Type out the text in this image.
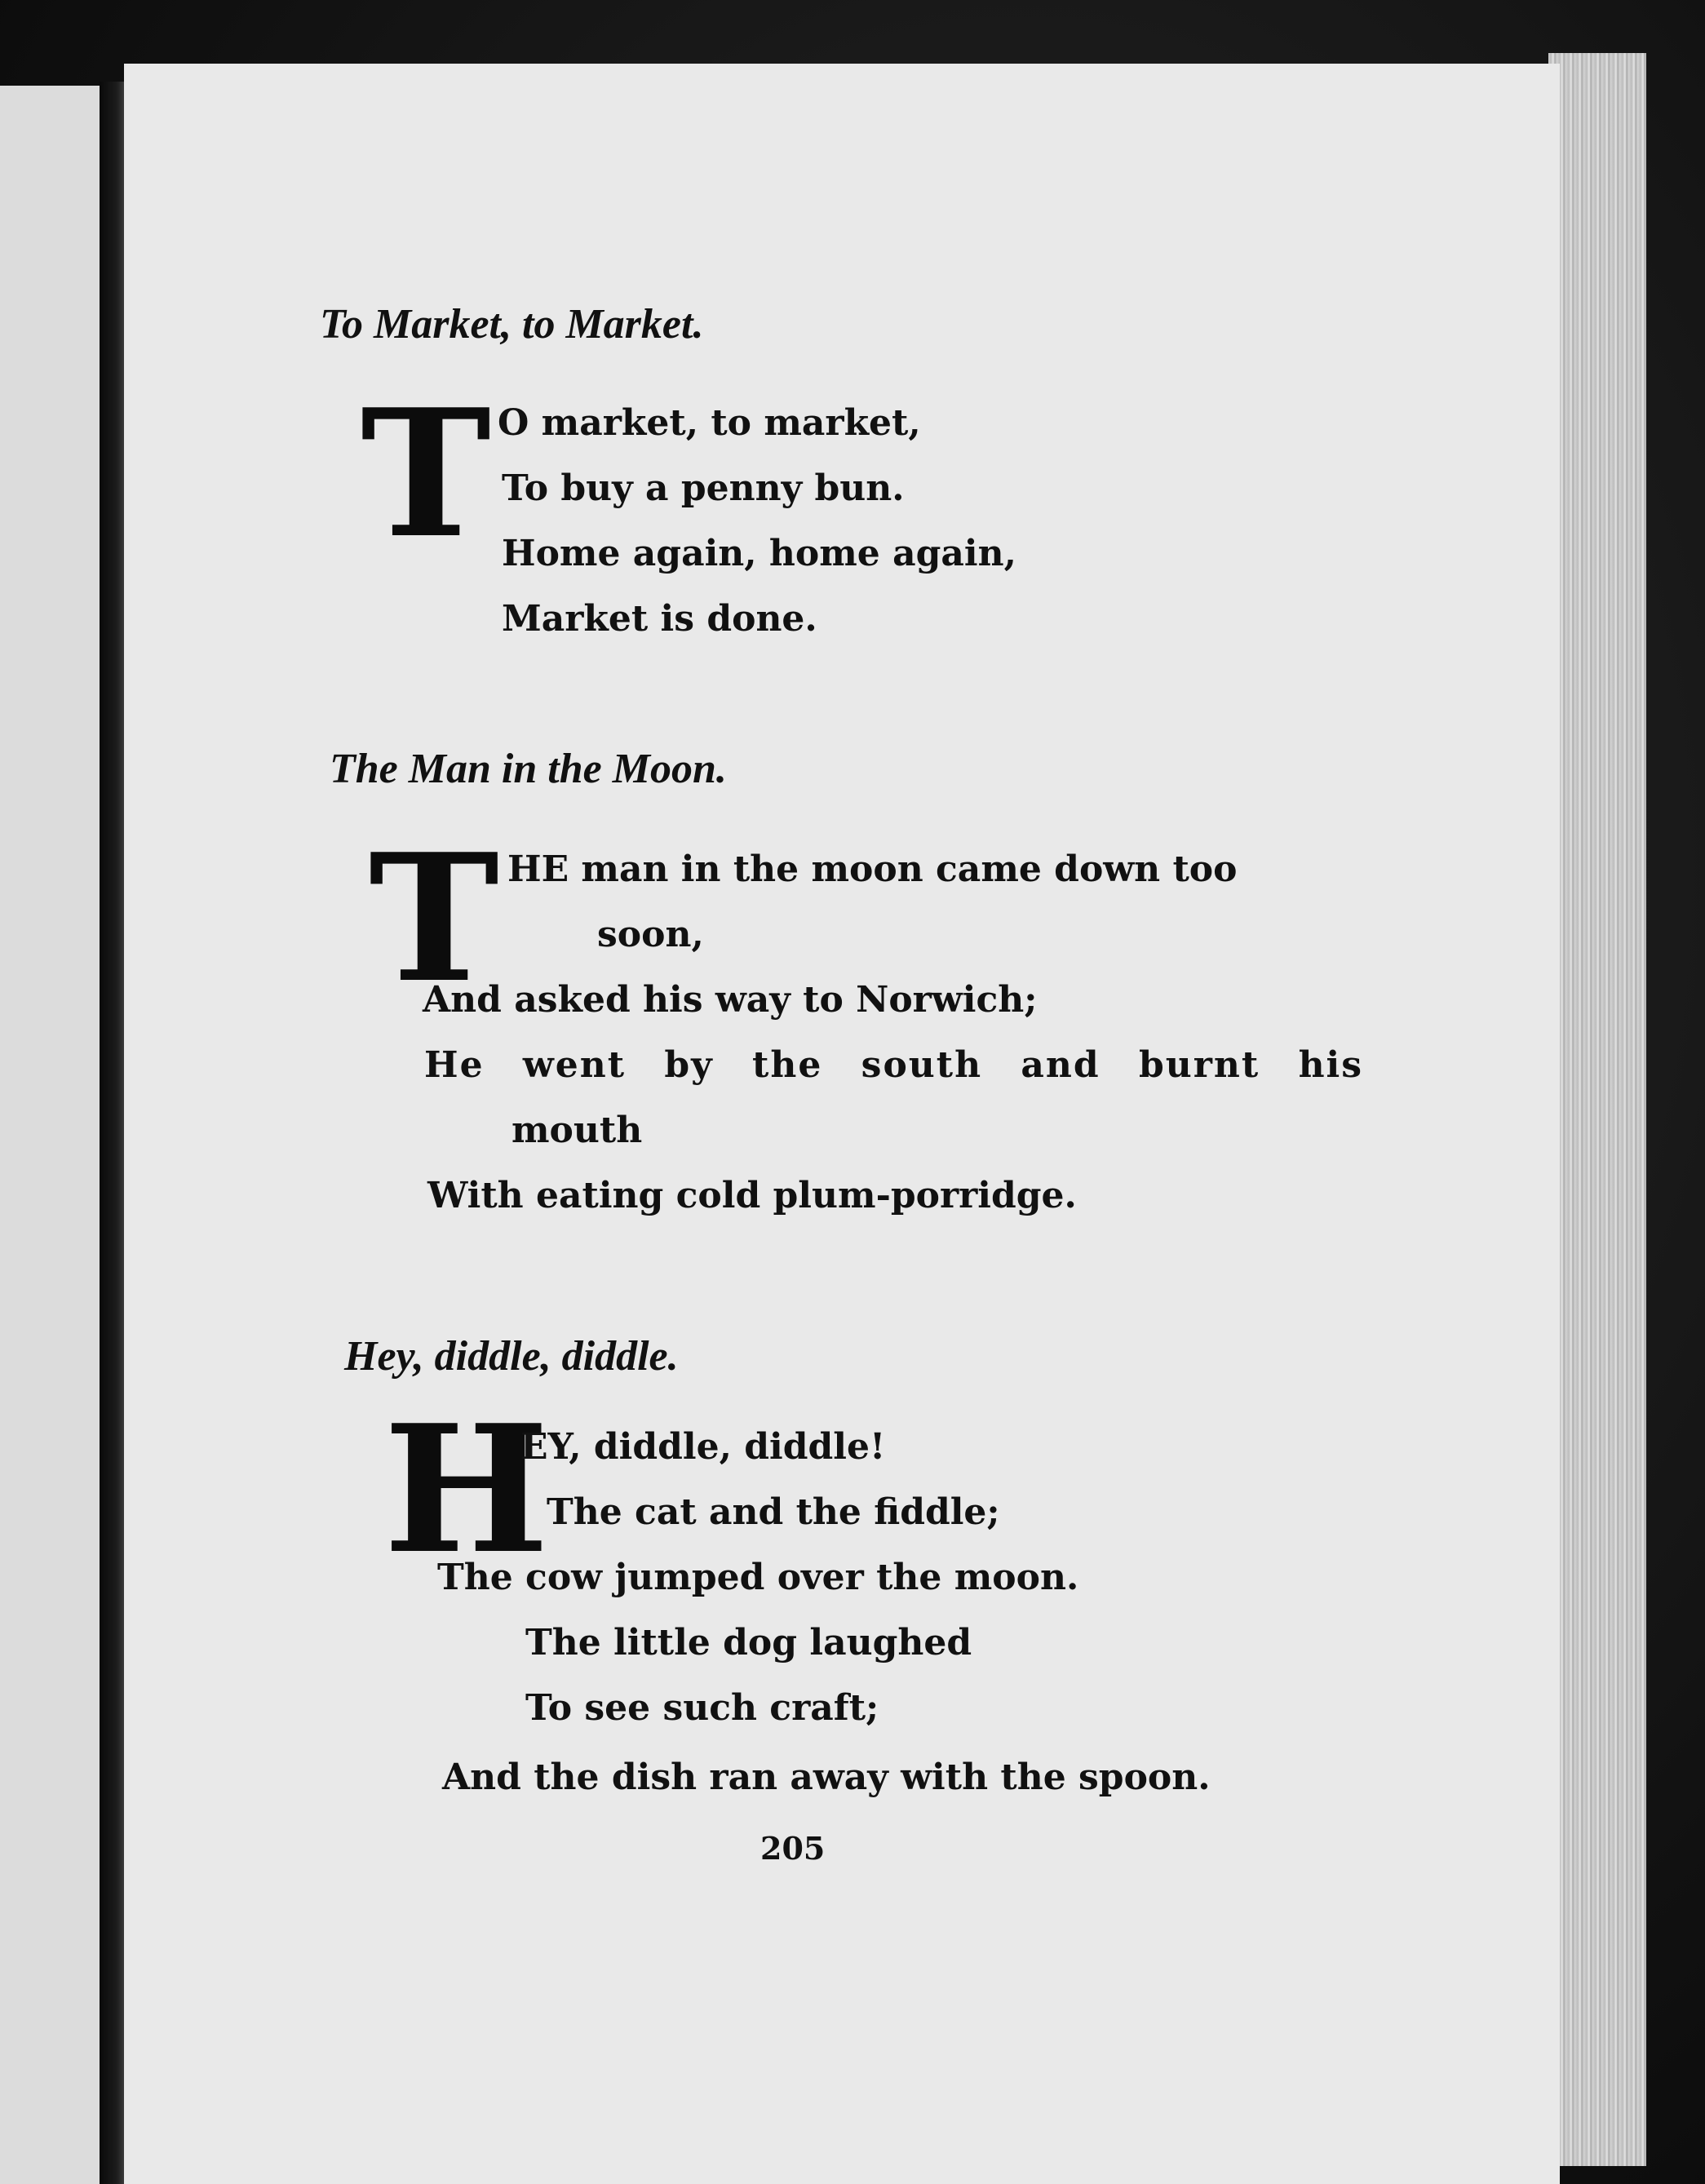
To Market, to Market.

T O market, to market,

To buy a penny bun.

Home again, home again,

Market is done.

The Man in the Moon.

T HE man in the moon came down too

soon,

And asked his way to Norwich;

He went by the south and burnt his

mouth

With eating cold plum-porridge.

Hey, diddle, diddle.

H

EY, diddle, diddle!

The cat and the fiddle;

The cow jumped over the moon.

The little dog laughed

To see such craft;

And the dish ran away with the spoon.

205
